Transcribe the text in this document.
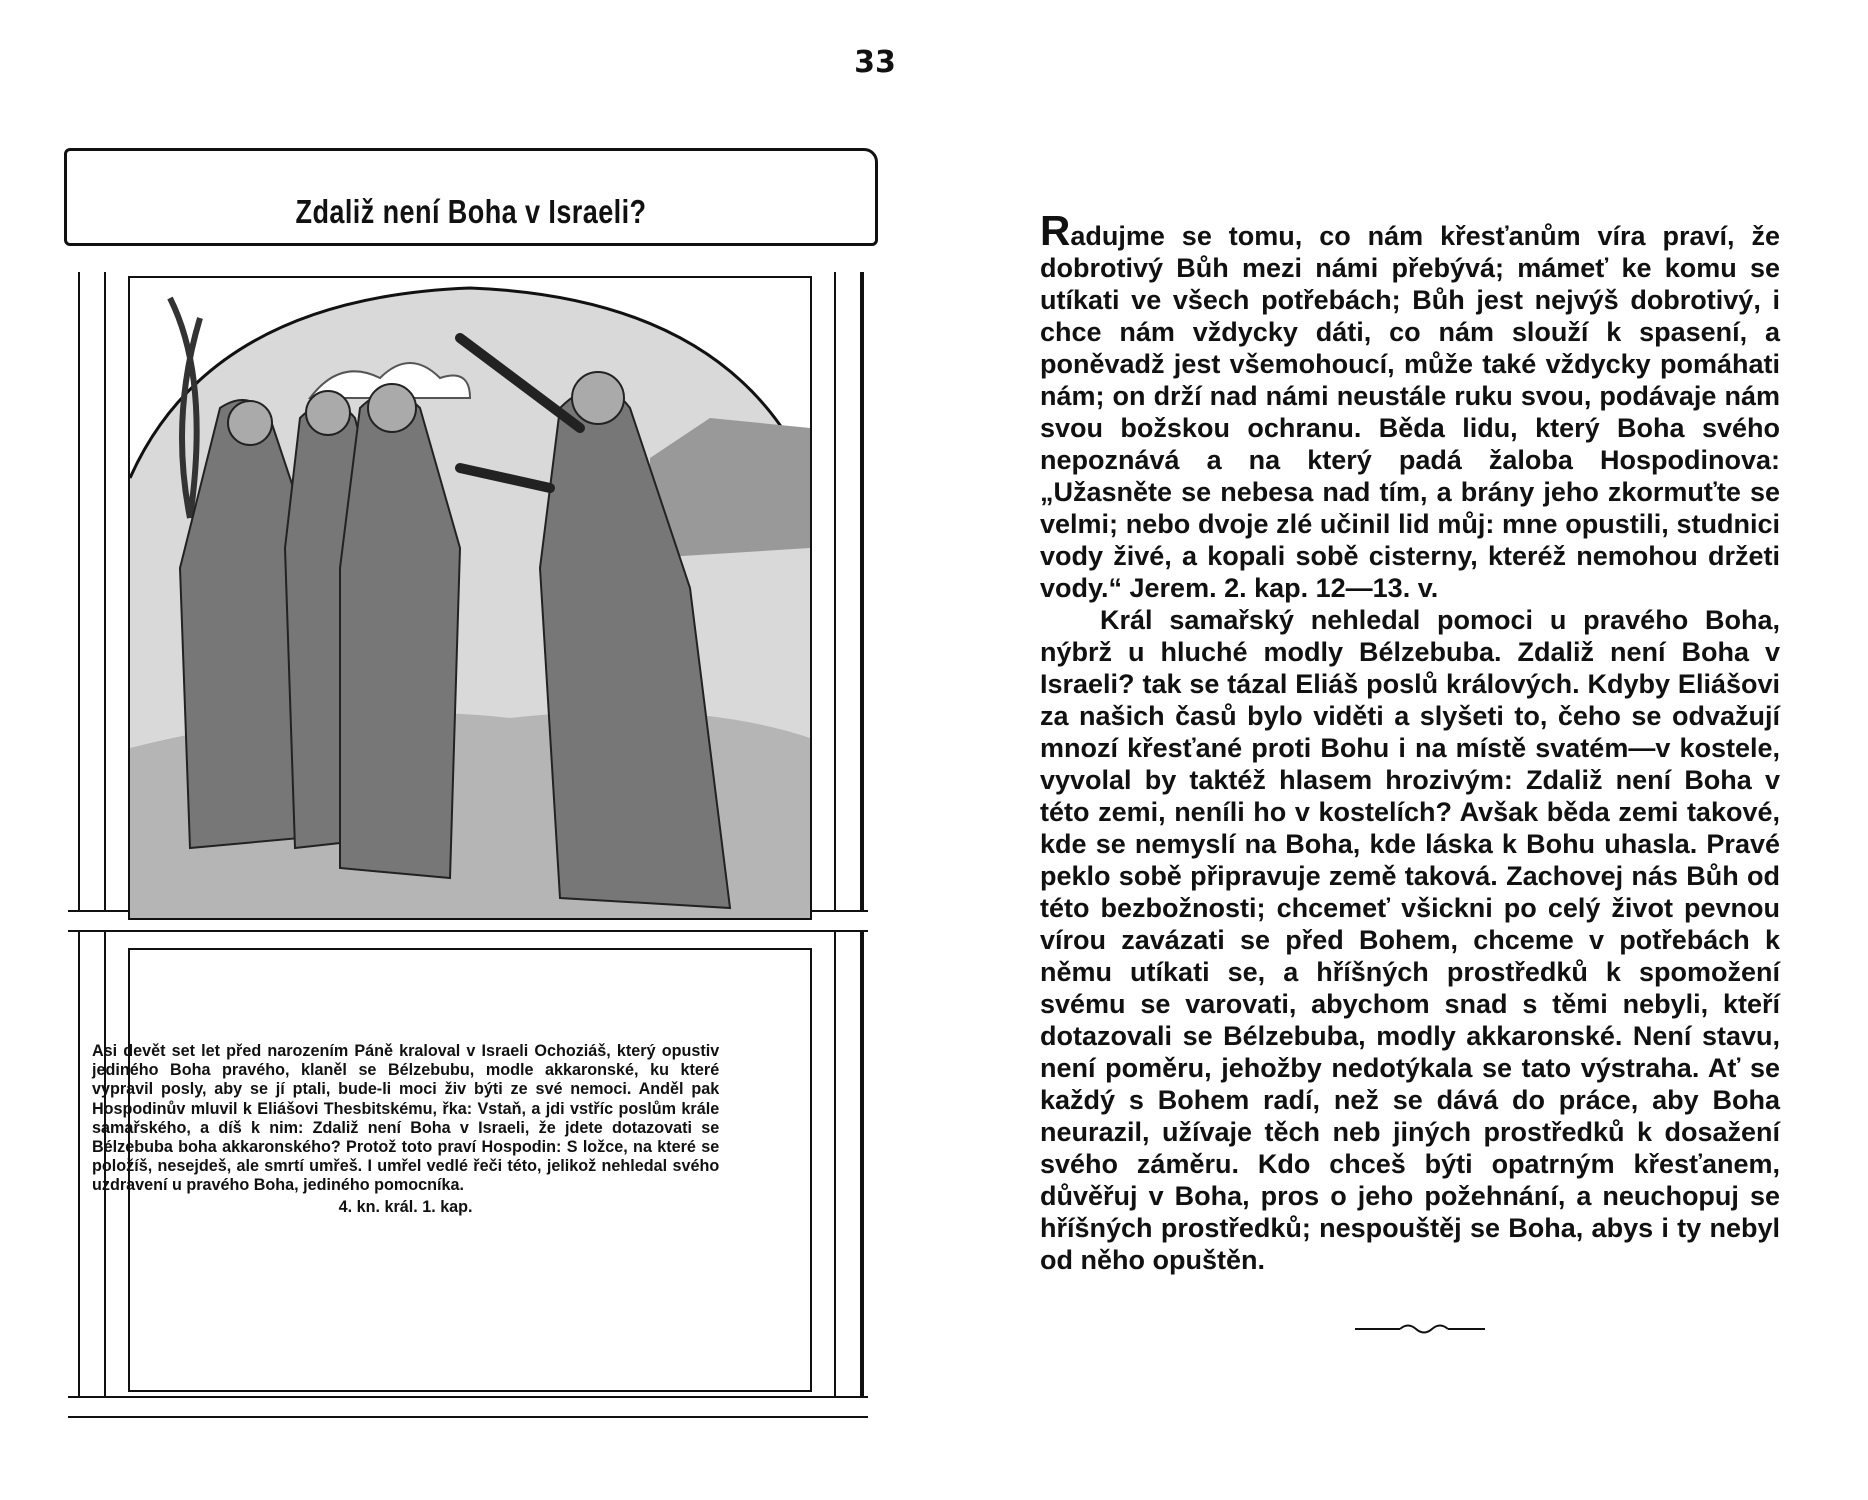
33
Zdaliž není Boha v Israeli?
Asi devět set let před narozením Páně kraloval v Israeli Ochoziáš, který opustiv jediného Boha pravého, klaněl se Bélzebubu, modle akkaronské, ku které vypravil posly, aby se jí ptali, bude-li moci živ býti ze své nemoci. Anděl pak Hospodinův mluvil k Eliášovi Thesbitskému, řka: Vstaň, a jdi vstříc poslům krále samařského, a díš k nim: Zdaliž není Boha v Israeli, že jdete dotazovati se Bélzebuba boha akkaronského? Protož toto praví Hospodin: S ložce, na které se položíš, nesejdeš, ale smrtí umřeš. I umřel vedlé řeči této, jelikož nehledal svého uzdravení u pravého Boha, jediného pomocníka.
4. kn. král. 1. kap.

Radujme se tomu, co nám křesťanům víra praví, že dobrotivý Bůh mezi námi přebývá; mámeť ke komu se utíkati ve všech potřebách; Bůh jest nejvýš dobrotivý, i chce nám vždycky dáti, co nám slouží k spasení, a poněvadž jest všemohoucí, může také vždycky pomáhati nám; on drží nad námi neustále ruku svou, podávaje nám svou božskou ochranu. Běda lidu, který Boha svého nepoznává a na který padá žaloba Hospodinova: „Užasněte se nebesa nad tím, a brány jeho zkormuťte se velmi; nebo dvoje zlé učinil lid můj: mne opustili, studnici vody živé, a kopali sobě cisterny, kteréž nemohou držeti vody.“ Jerem. 2. kap. 12—13. v.

Král samařský nehledal pomoci u pravého Boha, nýbrž u hluché modly Bélzebuba. Zdaliž není Boha v Israeli? tak se tázal Eliáš poslů králových. Kdyby Eliášovi za našich časů bylo viděti a slyšeti to, čeho se odvažují mnozí křesťané proti Bohu i na místě svatém—v kostele, vyvolal by taktéž hlasem hrozivým: Zdaliž není Boha v této zemi, neníli ho v kostelích? Avšak běda zemi takové, kde se nemyslí na Boha, kde láska k Bohu uhasla. Pravé peklo sobě připravuje země taková. Zachovej nás Bůh od této bezbožnosti; chcemeť všickni po celý život pevnou vírou zavázati se před Bohem, chceme v potřebách k němu utíkati se, a hříšných prostředků k spomožení svému se varovati, abychom snad s těmi nebyli, kteří dotazovali se Bélzebuba, modly akkaronské. Není stavu, není poměru, jehožby nedotýkala se tato výstraha. Ať se každý s Bohem radí, než se dává do práce, aby Boha neurazil, užívaje těch neb jiných prostředků k dosažení svého záměru. Kdo chceš býti opatrným křesťanem, důvěřuj v Boha, pros o jeho požehnání, a neuchopuj se hříšných prostředků; nespouštěj se Boha, abys i ty nebyl od něho opuštěn.
